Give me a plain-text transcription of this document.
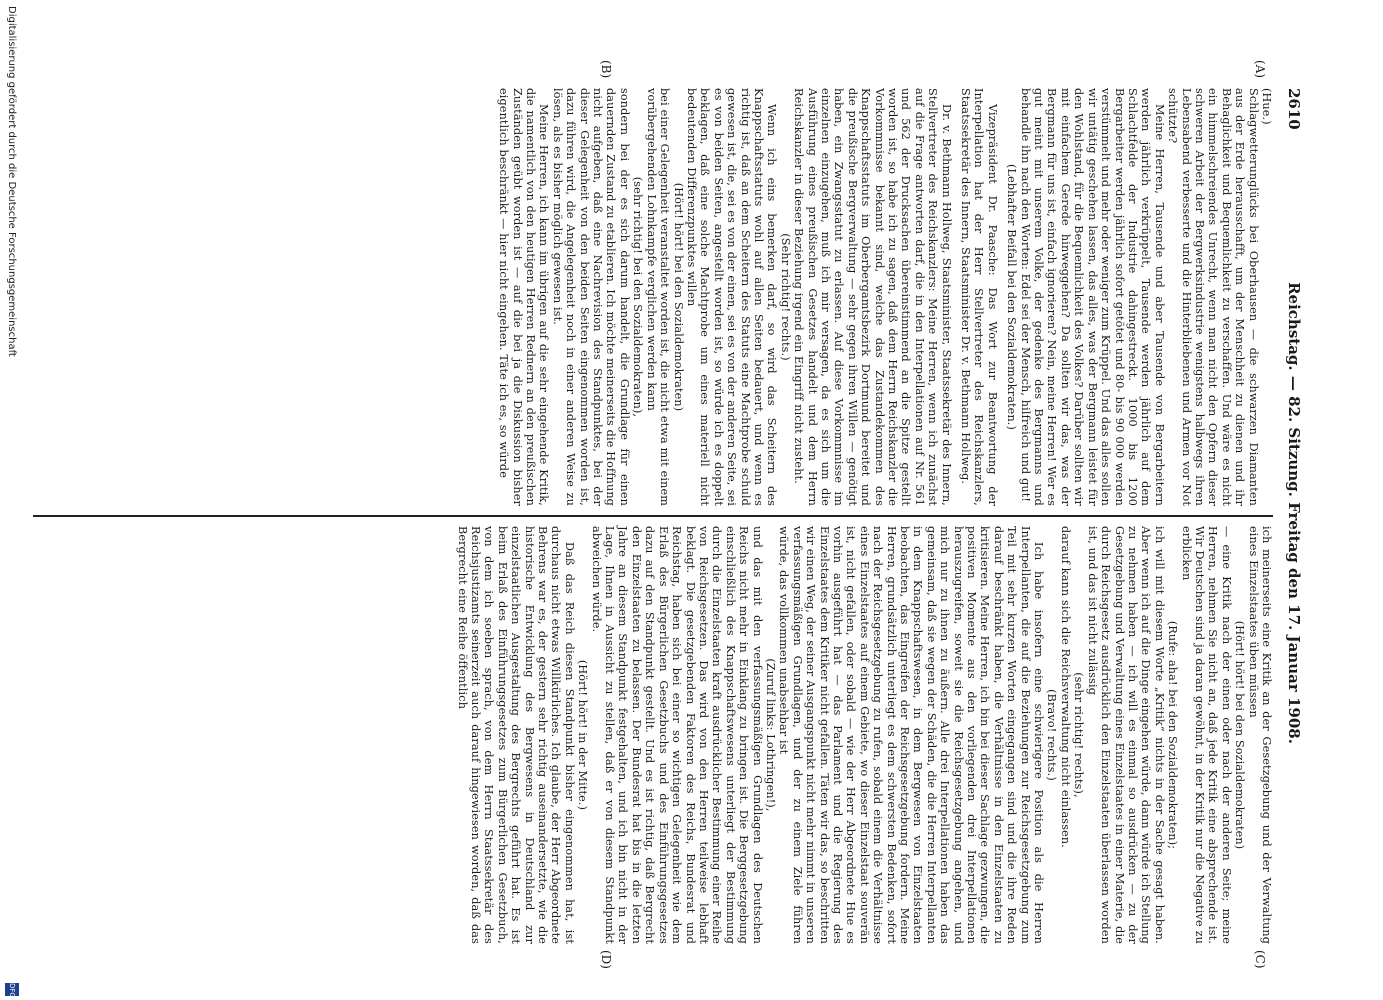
2610
Reichstag. — 82. Sitzung. Freitag den 17. Januar 1908.
(A)
(B)
(C)
(D)

(Hue.)

Schlagwetterunglücks bei Oberhausen — die schwarzen Diamanten aus der Erde herausschafft, um der Menschheit zu dienen und ihr Behaglichkeit und Bequemlichkeit zu verschaffen. Und wäre es nicht ein himmelschreiendes Unrecht, wenn man nicht den Opfern dieser schweren Arbeit der Bergwerksindustrie wenigstens halbwegs ihren Lebensabend verbesserte und die Hinterbliebenen und Armen vor Not schützte?

Meine Herren, Tausende und aber Tausende von Bergarbeitern werden jährlich verkrüppelt, Tausende werden jährlich auf dem Schlachtfelde der Industrie dahingestreckt. 1000 bis 1200 Bergarbeiter werden jährlich sofort getötet und 80- bis 90 000 werden verstümmelt und mehr oder weniger zum Krüppel. Und das alles sollen wir untätig geschehen lassen, das alles, was der Bergmann leistet für den Wohlstand, für die Bequemlichkeit des Volkes? Darüber sollten wir mit einfachem Gerede hinweggehen? Da sollten wir das, was der Bergmann für uns ist, einfach ignorieren? Nein, meine Herren! Wer es gut meint mit unserem Volke, der gedenke des Bergmanns und behandle ihn nach den Worten: Edel sei der Mensch, hilfreich und gut!

(Lebhafter Beifall bei den Sozialdemokraten.)

Vizepräsident Dr. Paasche: Das Wort zur Beantwortung der Interpellation hat der Herr Stellvertreter des Reichskanzlers, Staatssekretär des Innern, Staatsminister Dr. v. Bethmann Hollweg.

Dr. v. Bethmann Hollweg, Staatsminister, Staatssekretär des Innern, Stellvertreter des Reichskanzlers: Meine Herren, wenn ich zunächst auf die Frage antworten darf, die in den Interpellationen auf Nr. 561 und 562 der Drucksachen übereinstimmend an die Spitze gestellt worden ist, so habe ich zu sagen, daß dem Herrn Reichskanzler die Vorkommnisse bekannt sind, welche das Zustandekommen des Knappschaftsstatuts im Oberbergamtsbezirk Dortmund bereitet und die preußische Bergverwaltung — sehr gegen ihren Willen — genötigt haben, ein Zwangsstatut zu erlassen. Auf diese Vorkommnisse im einzelnen einzugehen, muß ich mir versagen, da es sich um die Ausführung eines preußischen Gesetzes handelt und dem Herrn Reichskanzler in dieser Beziehung irgend ein Eingriff nicht zusteht.

(Sehr richtig! rechts.)

Wenn ich eins bemerken darf, so wird das Scheitern des Knappschaftsstatuts wohl auf allen Seiten bedauert, und wenn es richtig ist, daß an dem Scheitern des Statuts eine Machtprobe schuld gewesen ist, die, sei es von der einen, sei es von der anderen Seite, sei es von beiden Seiten, angestellt worden ist, so würde ich es doppelt beklagen, daß eine solche Machtprobe um eines materiell nicht bedeutenden Differenzpunktes willen

(Hört! hört! bei den Sozialdemokraten)

bei einer Gelegenheit veranstaltet worden ist, die nicht etwa mit einem vorübergehenden Lohnkampfe verglichen werden kann

(sehr richtig! bei den Sozialdemokraten),

sondern bei der es sich darum handelt, die Grundlage für einen dauernden Zustand zu etablieren. Ich möchte meinerseits die Hoffnung nicht aufgeben, daß eine Nachrevision des Standpunktes, bei der dieser Gelegenheit von den beiden Seiten eingenommen worden ist, dazu führen wird, die Angelegenheit noch in einer anderen Weise zu lösen, als es bisher möglich gewesen ist.

Meine Herren, ich kann im übrigen auf die sehr eingehende Kritik, die namentlich von den heutigen Herren Rednern an den preußischen Zuständen geübt worden ist — auf die bei ja die Diskussion bisher eigentlich beschränkt — hier nicht eingehen. Täte ich es, so würde

ich meinerseits eine Kritik an der Gesetzgebung und der Verwaltung eines Einzelstaates üben müssen

(Hört! hört! bei den Sozialdemokraten)

— eine Kritik nach der einen oder nach der anderen Seite; meine Herren, nehmen Sie nicht an, daß jede Kritik eine absprechende ist. Wir Deutschen sind ja daran gewöhnt, in der Kritik nur die Negative zu erblicken

(Rufe: aha! bei den Sozialdemokraten);

ich will mit diesem Worte „Kritik“ nichts in der Sache gesagt haben. Aber wenn ich auf die Dinge eingehen würde, dann würde ich Stellung zu nehmen haben — ich will es einmal so ausdrücken — zu der Gesetzgebung und Verwaltung eines Einzelstaates in einer Materie, die durch Reichsgesetz ausdrücklich den Einzelstaaten überlassen worden ist, und das ist nicht zulässig

(sehr richtig! rechts),

darauf kann sich die Reichsverwaltung nicht einlassen.

(Bravo! rechts.)

Ich habe insofern eine schwierigere Position als die Herren Interpellanten, die auf die Beziehungen zur Reichsgesetzgebung zum Teil mit sehr kurzen Worten eingegangen sind und die ihre Reden darauf beschränkt haben, die Verhältnisse in den Einzelstaaten zu kritisieren. Meine Herren, ich bin bei dieser Sachlage gezwungen, die positiven Momente aus den vorliegenden drei Interpellationen herauszugreifen, soweit sie die Reichsgesetzgebung angehen, und mich nur zu ihnen zu äußern. Alle drei Interpellationen haben das gemeinsam, daß sie wegen der Schäden, die die Herren Interpellanten in dem Knappschaftswesen, in dem Bergwesen von Einzelstaaten beobachten, das Eingreifen der Reichsgesetzgebung fordern. Meine Herren, grundsätzlich unterliegt es dem schwersten Bedenken, sofort nach der Reichsgesetzgebung zu rufen, sobald einem die Verhältnisse eines Einzelstaates auf einem Gebiete, wo dieser Einzelstaat souverän ist, nicht gefallen, oder sobald — wie der Herr Abgeordnete Hue es vorhin ausgeführt hat — das Parlament und die Regierung des Einzelstaates dem Kritiker nicht gefallen. Täten wir das, so beschritten wir einen Weg, der seiner Ausgangspunkt nicht mehr nimmt in unseren verfassungsmäßigen Grundlagen, und der zu einem Ziele führen würde, das vollkommen unabsehbar ist

(Zuruf links: Lothringen!),

und das mit den verfassungsmäßigen Grundlagen des Deutschen Reichs nicht mehr in Einklang zu bringen ist. Die Berggesetzgebung einschließlich des Knappschaftswesens unterliegt der Bestimmung durch die Einzelstaaten kraft ausdrücklicher Bestimmung einer Reihe von Reichsgesetzen. Das wird von den Herren teilweise lebhaft beklagt. Die gesetzgebenden Faktoren des Reichs, Bundesrat und Reichstag, haben sich bei einer so wichtigen Gelegenheit wie dem Erlaß des Bürgerlichen Gesetzbuchs und des Einführungsgesetzes dazu auf den Standpunkt gestellt. Und es ist richtig, daß Bergrecht den Einzelstaaten zu belassen. Der Bundesrat hat bis in die letzten Jahre an diesem Standpunkt festgehalten, und ich bin nicht in der Lage, Ihnen in Aussicht zu stellen, daß er von diesem Standpunkt abweichen würde.

(Hört! hört! in der Mitte.)

Daß das Reich diesen Standpunkt bisher eingenommen hat, ist durchaus nicht etwas Willkürliches. Ich glaube, der Herr Abgeordnete Behrens war es, der gestern sehr richtig auseinandersetzte, wie die historische Entwicklung des Bergwesens in Deutschland zur einzelstaatlichen Ausgestaltung des Bergrechts geführt hat. Es ist beim Erlaß des Einführungsgesetzes zum Bürgerlichen Gesetzbuch, von dem ich soeben sprach, von dem Herrn Staatssekretär des Reichsjustizamts seinerzeit auch darauf hingewiesen worden, daß das Bergrecht eine Reihe öffentlich

Digitalisierung gefördert durch die Deutsche Forschungsgemeinschaft
DFG
